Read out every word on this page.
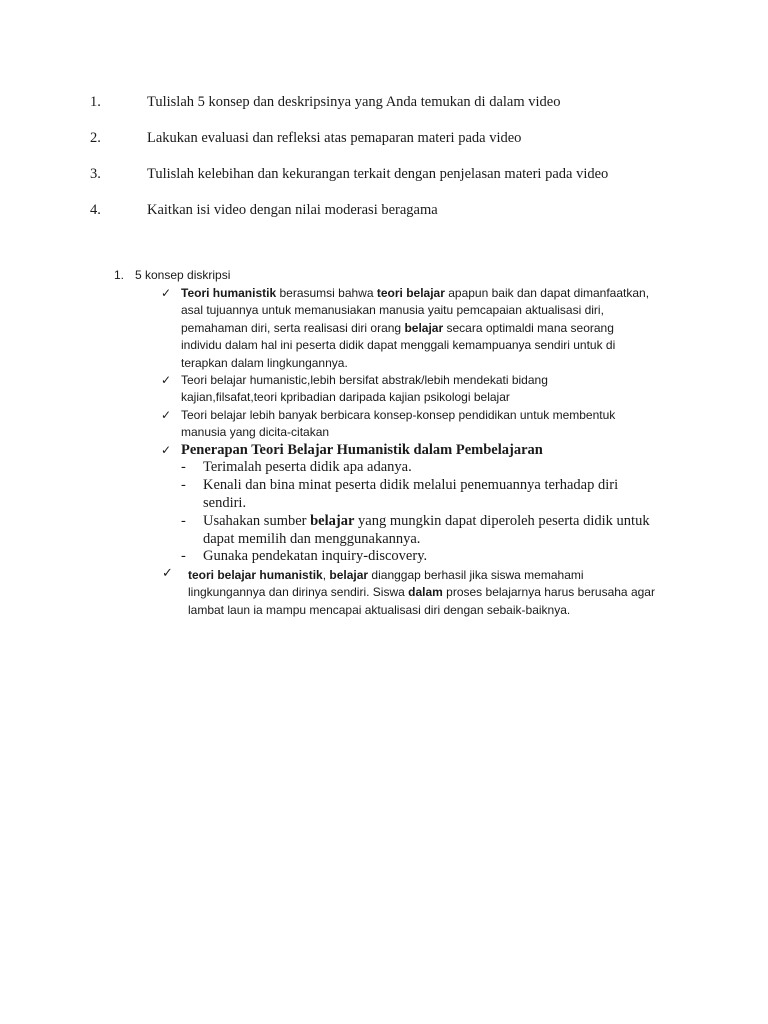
1.	Tulislah 5 konsep dan deskripsinya yang Anda temukan di dalam video
2.	Lakukan evaluasi dan refleksi atas pemaparan materi pada video
3.	Tulislah kelebihan dan kekurangan terkait dengan penjelasan materi pada video
4.	Kaitkan isi video dengan nilai moderasi beragama
1. 5 konsep diskripsi
✓ Teori humanistik berasumsi bahwa teori belajar apapun baik dan dapat dimanfaatkan,
asal tujuannya untuk memanusiakan manusia yaitu pemcapaian aktualisasi diri,
pemahaman diri, serta realisasi diri orang belajar secara optimaldi mana seorang
individu dalam hal ini peserta didik dapat menggali kemampuanya sendiri untuk di
terapkan dalam lingkungannya.
✓ Teori belajar humanistic,lebih bersifat abstrak/lebih mendekati bidang
kajian,filsafat,teori kpribadian daripada kajian psikologi belajar
✓ Teori belajar lebih banyak berbicara konsep-konsep pendidikan untuk membentuk
manusia yang dicita-citakan
✓ Penerapan Teori Belajar Humanistik dalam Pembelajaran
- Terimalah peserta didik apa adanya.
- Kenali dan bina minat peserta didik melalui penemuannya terhadap diri
sendiri.
- Usahakan sumber belajar yang mungkin dapat diperoleh peserta didik untuk
dapat memilih dan menggunakannya.
- Gunaka pendekatan inquiry-discovery.
✓ teori belajar humanistik, belajar dianggap berhasil jika siswa memahami
lingkungannya dan dirinya sendiri. Siswa dalam proses belajarnya harus berusaha agar
lambat laun ia mampu mencapai aktualisasi diri dengan sebaik-baiknya.
